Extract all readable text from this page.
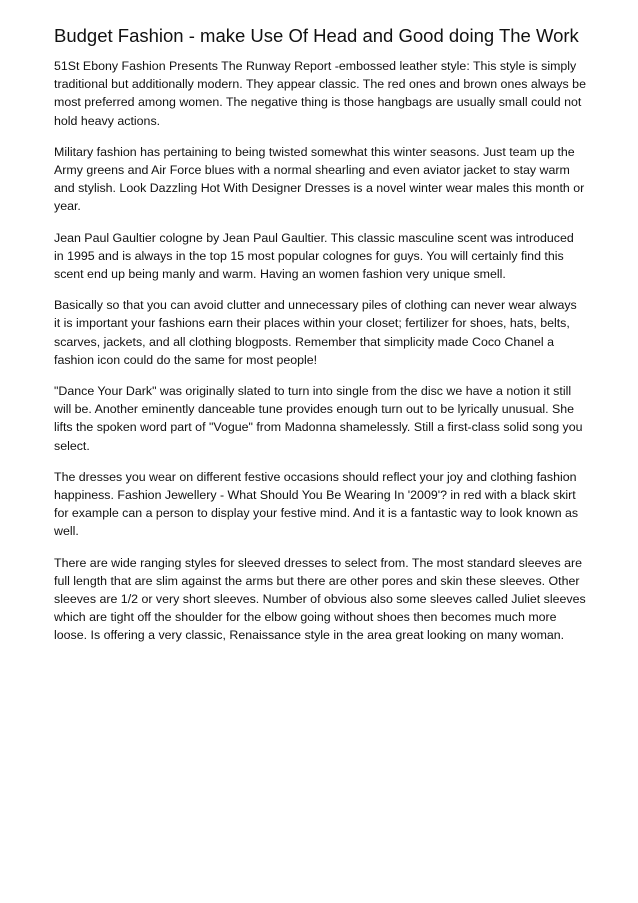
Budget Fashion - make Use Of Head and Good doing The Work

51St Ebony Fashion Presents The Runway Report -embossed leather style: This style is simply traditional but additionally modern. They appear classic. The red ones and brown ones always be most preferred among women. The negative thing is those hangbags are usually small could not hold heavy actions.

Military fashion has pertaining to being twisted somewhat this winter seasons. Just team up the Army greens and Air Force blues with a normal shearling and even aviator jacket to stay warm and stylish. Look Dazzling Hot With Designer Dresses is a novel winter wear males this month or year.

Jean Paul Gaultier cologne by Jean Paul Gaultier. This classic masculine scent was introduced in 1995 and is always in the top 15 most popular colognes for guys. You will certainly find this scent end up being manly and warm. Having an women fashion very unique smell.

Basically so that you can avoid clutter and unnecessary piles of clothing can never wear always it is important your fashions earn their places within your closet; fertilizer for shoes, hats, belts, scarves, jackets, and all clothing blogposts. Remember that simplicity made Coco Chanel a fashion icon could do the same for most people!

"Dance Your Dark" was originally slated to turn into single from the disc we have a notion it still will be. Another eminently danceable tune provides enough turn out to be lyrically unusual. She lifts the spoken word part of "Vogue" from Madonna shamelessly. Still a first-class solid song you select.

The dresses you wear on different festive occasions should reflect your joy and clothing fashion happiness. Fashion Jewellery - What Should You Be Wearing In '2009'? in red with a black skirt for example can a person to display your festive mind. And it is a fantastic way to look known as well.

There are wide ranging styles for sleeved dresses to select from. The most standard sleeves are full length that are slim against the arms but there are other pores and skin these sleeves. Other sleeves are 1/2 or very short sleeves. Number of obvious also some sleeves called Juliet sleeves which are tight off the shoulder for the elbow going without shoes then becomes much more loose. Is offering a very classic, Renaissance style in the area great looking on many woman.
